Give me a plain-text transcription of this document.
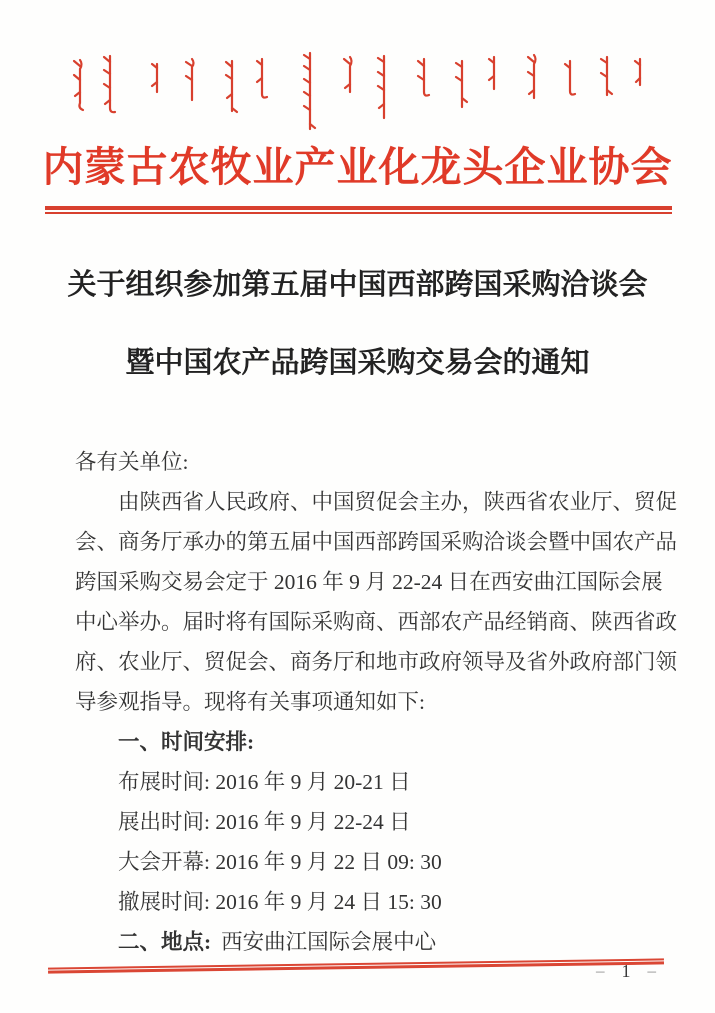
内蒙古农牧业产业化龙头企业协会
关于组织参加第五届中国西部跨国采购洽谈会
暨中国农产品跨国采购交易会的通知
各有关单位:
由陕西省人民政府、中国贸促会主办，陕西省农业厅、贸促
会、商务厅承办的第五届中国西部跨国采购洽谈会暨中国农产品
跨国采购交易会定于 2016 年 9 月 22-24 日在西安曲江国际会展
中心举办。届时将有国际采购商、西部农产品经销商、陕西省政
府、农业厅、贸促会、商务厅和地市政府领导及省外政府部门领
导参观指导。现将有关事项通知如下:
一、时间安排:
布展时间: 2016 年 9 月 20-21 日
展出时间: 2016 年 9 月 22-24 日
大会开幕: 2016 年 9 月 22 日 09: 30
撤展时间: 2016 年 9 月 24 日 15: 30
二、地点: 西安曲江国际会展中心
– 1 –
